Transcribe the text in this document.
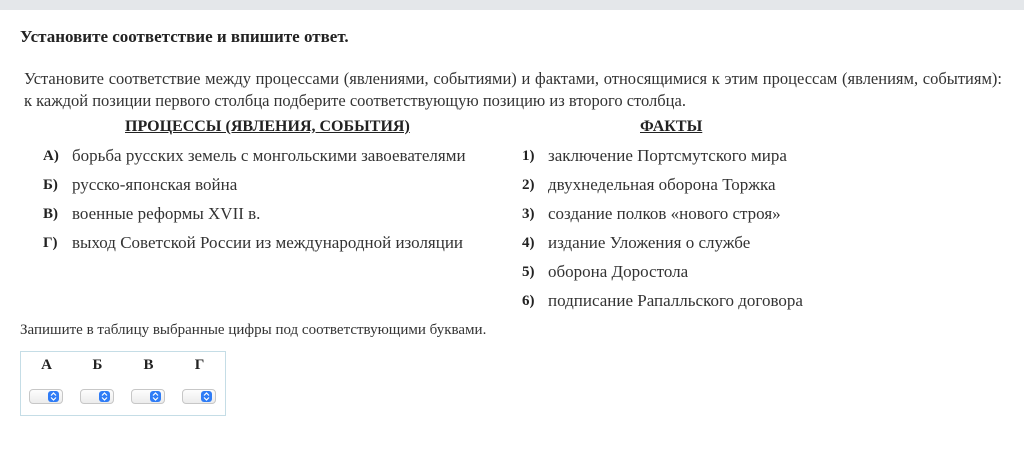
Установите соответствие и впишите ответ.
Установите соответствие между процессами (явлениями, событиями) и фактами, относящимися к этим процессам (явлениям, событиям): к каждой позиции первого столбца подберите соответствующую позицию из второго столбца.
ПРОЦЕССЫ (ЯВЛЕНИЯ, СОБЫТИЯ)	ФАКТЫ
А) борьба русских земель с монгольскими завоевателями
Б) русско-японская война
В) военные реформы XVII в.
Г) выход Советской России из международной изоляции
1) заключение Портсмутского мира
2) двухнедельная оборона Торжка
3) создание полков «нового строя»
4) издание Уложения о службе
5) оборона Доростола
6) подписание Рапалльского договора
Запишите в таблицу выбранные цифры под соответствующими буквами.
А	Б	В	Г
